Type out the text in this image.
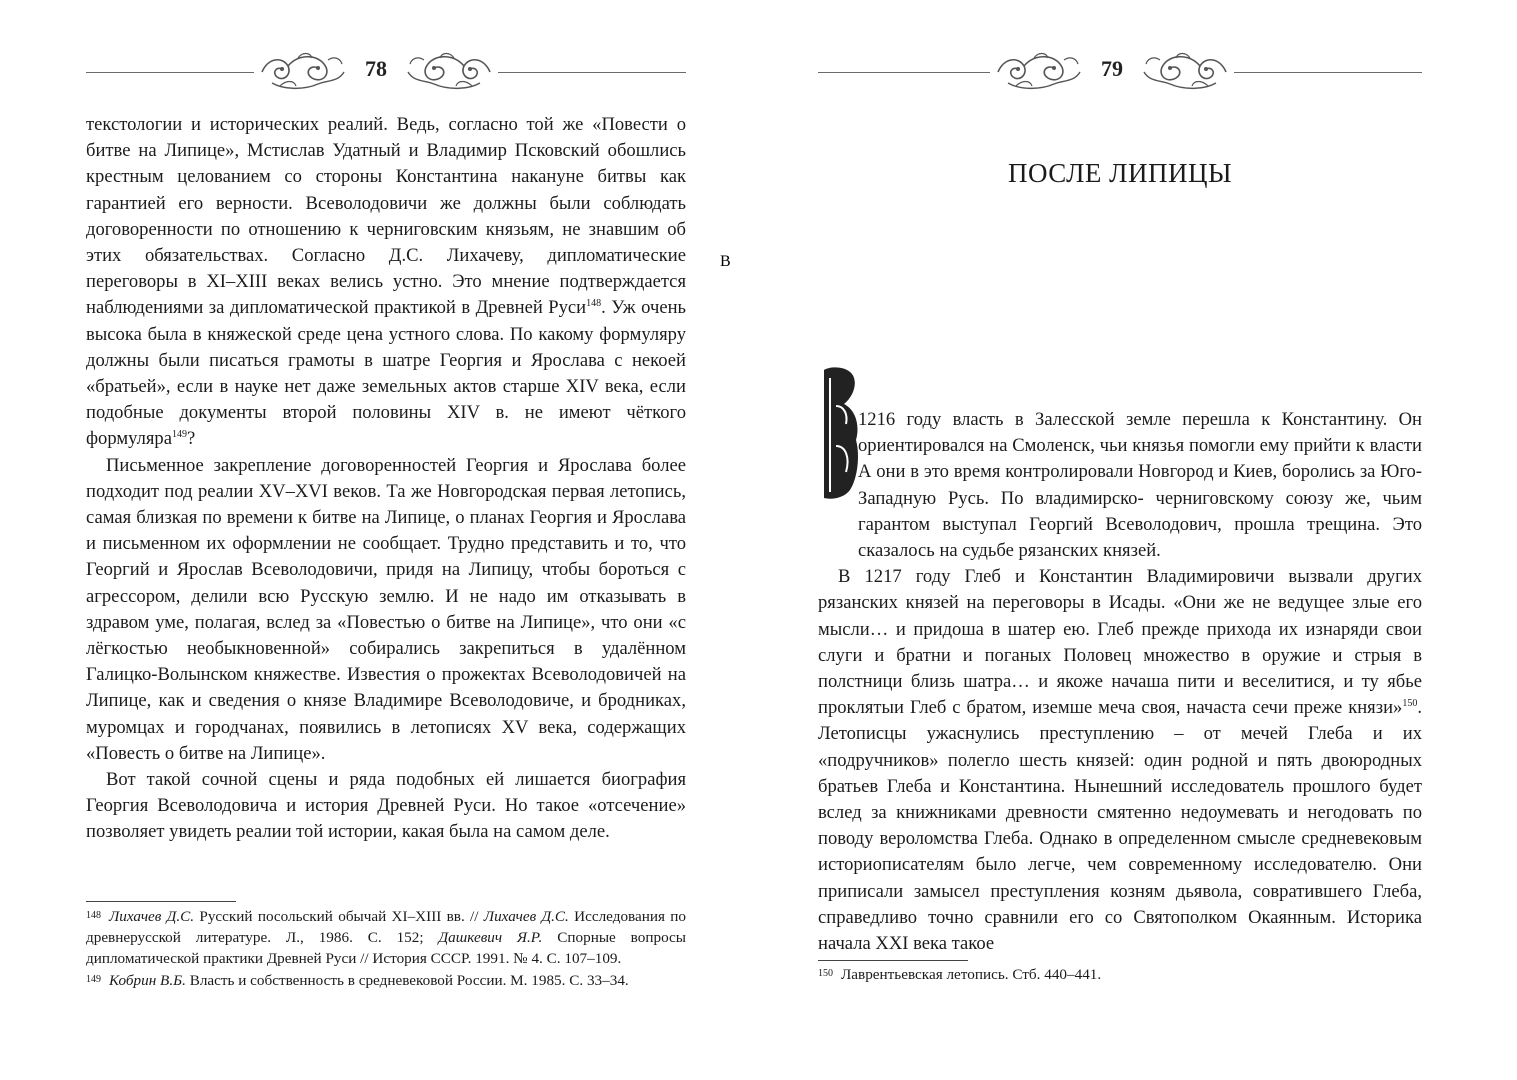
78

текстологии и исторических реалий. Ведь, согласно той же «Повести о битве на Липице», Мстислав Удатный и Владимир Псковский обошлись крестным целованием со стороны Константина накануне битвы как гарантией его верности. Всеволодовичи же должны были соблюдать договоренности по отношению к черниговским князьям, не знавшим об этих обязательствах. Согласно Д.С. Лихачеву, дипломатические переговоры в XI–XIII веках велись устно. Это мнение подтверждается наблюдениями за дипломатической практикой в Древней Руси$^{148}$. Уж очень высока была в княжеской среде цена устного слова. По какому формуляру должны были писаться грамоты в шатре Георгия и Ярослава с некоей «братьей», если в науке нет даже земельных актов старше XIV века, если подобные документы второй половины XIV в. не имеют чёткого формуляра$^{149}$?

Письменное закрепление договоренностей Георгия и Ярослава более подходит под реалии XV–XVI веков. Та же Новгородская первая летопись, самая близкая по времени к битве на Липице, о планах Георгия и Ярослава и письменном их оформлении не сообщает. Трудно представить и то, что Георгий и Ярослав Всеволодовичи, придя на Липицу, чтобы бороться с агрессором, делили всю Русскую землю. И не надо им отказывать в здравом уме, полагая, вслед за «Повестью о битве на Липице», что они «с лёгкостью необыкновенной» собирались закрепиться в удалённом Галицко-Волынском княжестве. Известия о прожектах Всеволодовичей на Липице, как и сведения о князе Владимире Всеволодовиче, и бродниках, муромцах и городчанах, появились в летописях XV века, содержащих «Повесть о битве на Липице».

Вот такой сочной сцены и ряда подобных ей лишается биография Георгия Всеволодовича и история Древней Руси. Но такое «отсечение» позволяет увидеть реалии той истории, какая была на самом деле.

$^{148}$ Лихачев Д.С. Русский посольский обычай XI–XIII вв. // Лихачев Д.С. Исследования по древнерусской литературе. Л., 1986. С. 152; Дашкевич Я.Р. Спорные вопросы дипломатической практики Древней Руси // История СССР. 1991. № 4. С. 107–109.

$^{149}$ Кобрин В.Б. Власть и собственность в средневековой России. М. 1985. С. 33–34.

79
ПОСЛЕ ЛИПИЦЫ
В

1216 году власть в Залесской земле перешла к Константину. Он ориентировался на Смоленск, чьи князья помогли ему прийти к власти А они в это время контролировали Новгород и Киев, боролись за Юго-Западную Русь. По владимирско- черниговскому союзу же, чьим гарантом выступал Георгий Всеволодович, прошла трещина. Это сказалось на судьбе рязанских князей.

В 1217 году Глеб и Константин Владимировичи вызвали других рязанских князей на переговоры в Исады. «Они же не ведущее злые его мысли… и придоша в шатер ею. Глеб прежде прихода их изнаряди свои слуги и братни и поганых Половец множество в оружие и стрыя в полстници близь шатра… и якоже начаша пити и веселитися, и ту ябье проклятыи Глеб с братом, иземше меча своя, начаста сечи преже князи»$^{150}$. Летописцы ужаснулись преступлению – от мечей Глеба и их «подручников» полегло шесть князей: один родной и пять двоюродных братьев Глеба и Константина. Нынешний исследователь прошлого будет вслед за книжниками древности смятенно недоумевать и негодовать по поводу вероломства Глеба. Однако в определенном смысле средневековым историописателям было легче, чем современному исследователю. Они приписали замысел преступления козням дьявола, совратившего Глеба, справедливо точно сравнили его со Святополком Окаянным. Историка начала XXI века такое

$^{150}$ Лаврентьевская летопись. Стб. 440–441.
